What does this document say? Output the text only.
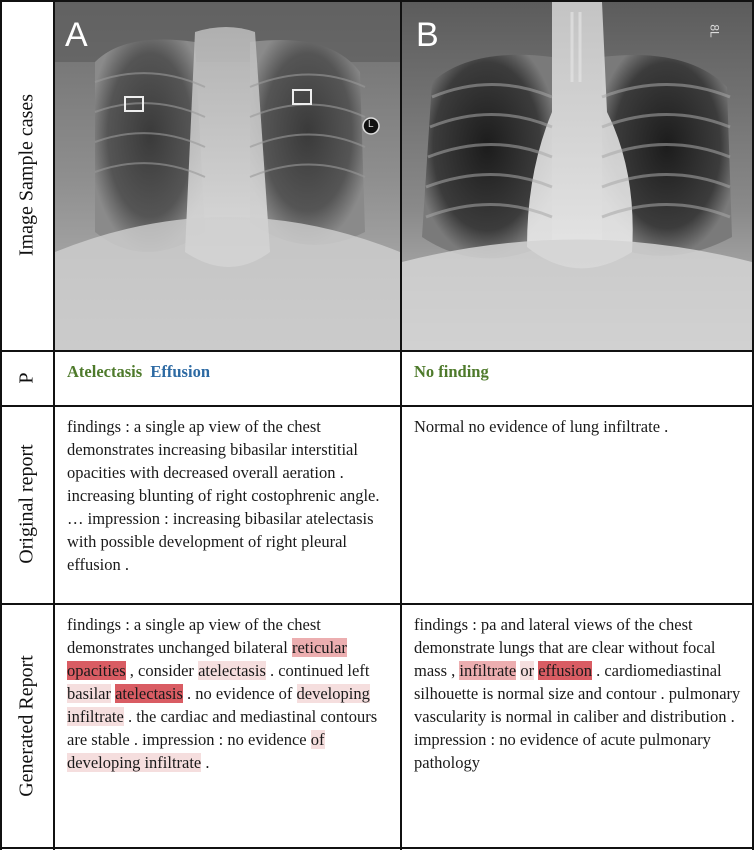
Image Sample cases
P
Original report
Generated Report
A
L
B	8L
Atelectasis Effusion	No finding
findings : a single ap view of the chest demonstrates increasing bibasilar interstitial opacities with decreased overall aeration . increasing blunting of right costophrenic angle. … impression : increasing bibasilar atelectasis with possible development of right pleural effusion .
Normal no evidence of lung infiltrate .
findings : a single ap view of the chest demonstrates unchanged bilateral reticular opacities , consider atelectasis . continued left basilar atelectasis . no evidence of developing infiltrate . the cardiac and mediastinal contours are stable . impression : no evidence of developing infiltrate .
findings : pa and lateral views of the chest demonstrate lungs that are clear without focal mass , infiltrate or effusion . cardiomediastinal silhouette is normal size and contour . pulmonary vascularity is normal in caliber and distribution . impression : no evidence of acute pulmonary pathology
